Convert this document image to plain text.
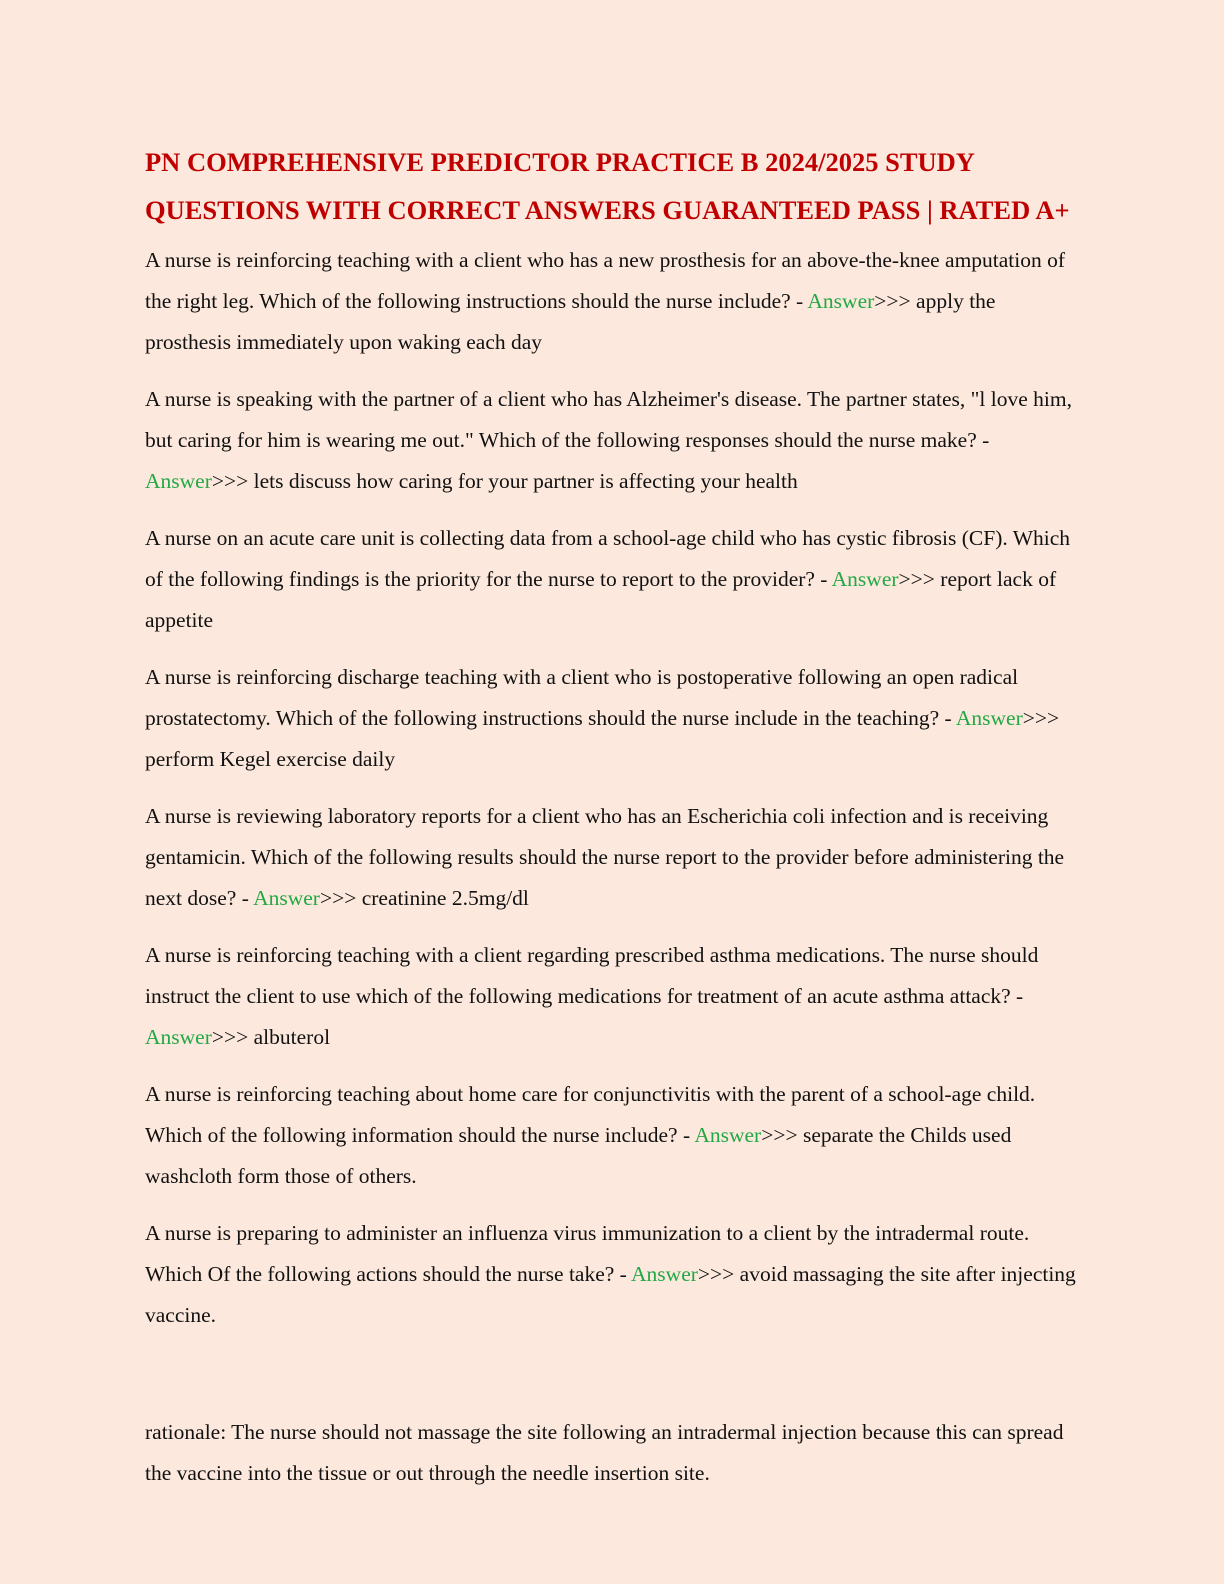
PN COMPREHENSIVE PREDICTOR PRACTICE B 2024/2025 STUDY QUESTIONS WITH CORRECT ANSWERS GUARANTEED PASS | RATED A+

A nurse is reinforcing teaching with a client who has a new prosthesis for an above-the-knee amputation of the right leg. Which of the following instructions should the nurse include? - Answer>>> apply the prosthesis immediately upon waking each day

A nurse is speaking with the partner of a client who has Alzheimer's disease. The partner states, "l love him, but caring for him is wearing me out." Which of the following responses should the nurse make? - Answer>>> lets discuss how caring for your partner is affecting your health

A nurse on an acute care unit is collecting data from a school-age child who has cystic fibrosis (CF). Which of the following findings is the priority for the nurse to report to the provider? - Answer>>> report lack of appetite

A nurse is reinforcing discharge teaching with a client who is postoperative following an open radical prostatectomy. Which of the following instructions should the nurse include in the teaching? - Answer>>> perform Kegel exercise daily

A nurse is reviewing laboratory reports for a client who has an Escherichia coli infection and is receiving gentamicin. Which of the following results should the nurse report to the provider before administering the next dose? - Answer>>> creatinine 2.5mg/dl

A nurse is reinforcing teaching with a client regarding prescribed asthma medications. The nurse should instruct the client to use which of the following medications for treatment of an acute asthma attack? - Answer>>> albuterol

A nurse is reinforcing teaching about home care for conjunctivitis with the parent of a school-age child. Which of the following information should the nurse include? - Answer>>> separate the Childs used washcloth form those of others.

A nurse is preparing to administer an influenza virus immunization to a client by the intradermal route. Which Of the following actions should the nurse take? - Answer>>> avoid massaging the site after injecting vaccine.

rationale: The nurse should not massage the site following an intradermal injection because this can spread the vaccine into the tissue or out through the needle insertion site.
